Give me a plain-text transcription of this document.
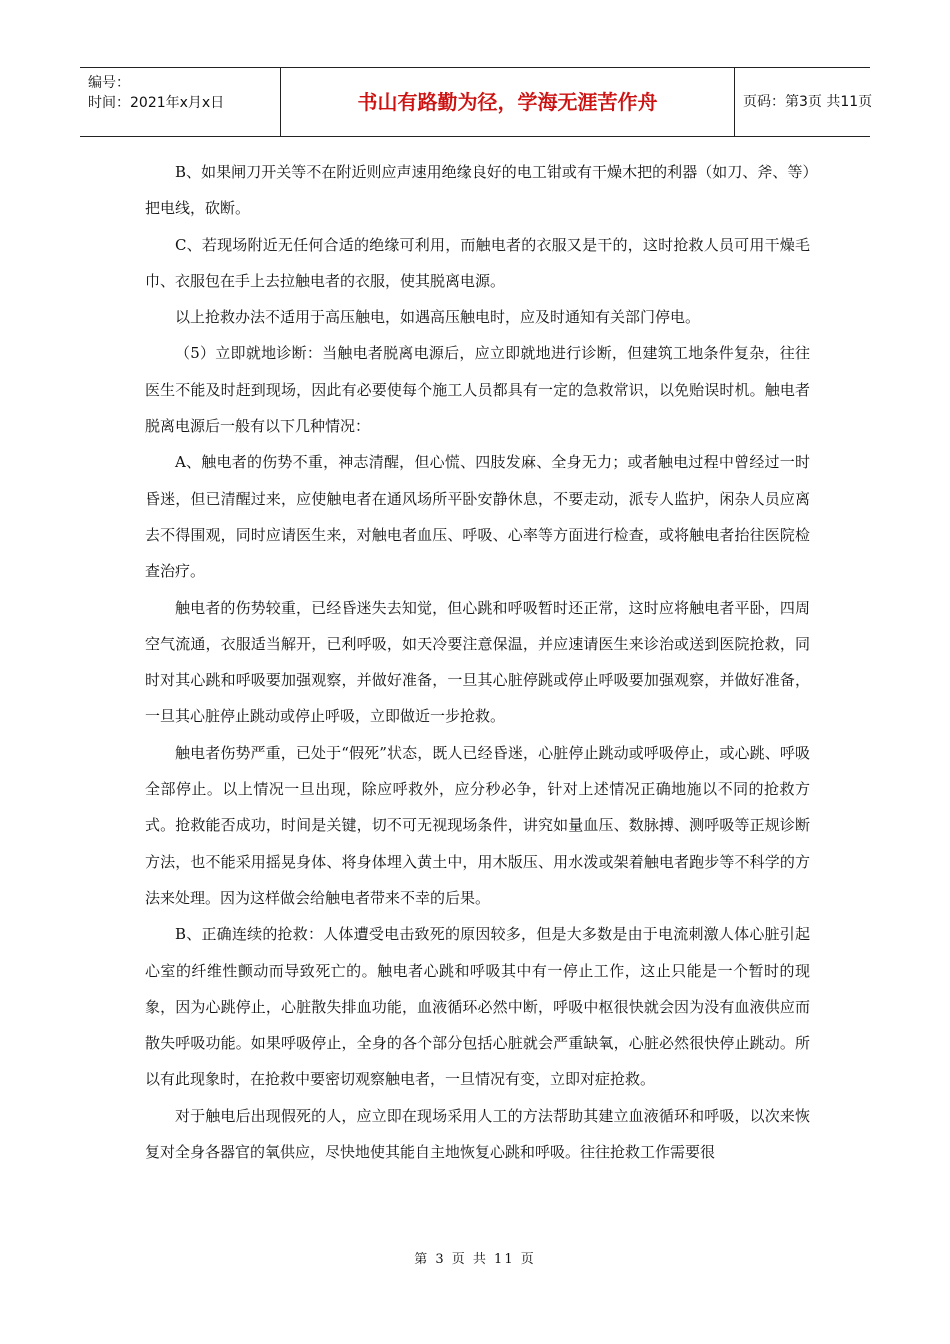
编号：
时间：2021年x月x日	书山有路勤为径，学海无涯苦作舟	页码：第3页 共11页

B、如果闸刀开关等不在附近则应声速用绝缘良好的电工钳或有干燥木把的利器（如刀、斧、等）把电线，砍断。

C、若现场附近无任何合适的绝缘可利用，而触电者的衣服又是干的，这时抢救人员可用干燥毛巾、衣服包在手上去拉触电者的衣服，使其脱离电源。

以上抢救办法不适用于高压触电，如遇高压触电时，应及时通知有关部门停电。

（5）立即就地诊断：当触电者脱离电源后，应立即就地进行诊断，但建筑工地条件复杂，往往医生不能及时赶到现场，因此有必要使每个施工人员都具有一定的急救常识，以免贻误时机。触电者脱离电源后一般有以下几种情况：

A、触电者的伤势不重，神志清醒，但心慌、四肢发麻、全身无力；或者触电过程中曾经过一时昏迷，但已清醒过来，应使触电者在通风场所平卧安静休息，不要走动，派专人监护，闲杂人员应离去不得围观，同时应请医生来，对触电者血压、呼吸、心率等方面进行检查，或将触电者抬往医院检查治疗。

触电者的伤势较重，已经昏迷失去知觉，但心跳和呼吸暂时还正常，这时应将触电者平卧，四周空气流通，衣服适当解开，已利呼吸，如天冷要注意保温，并应速请医生来诊治或送到医院抢救，同时对其心跳和呼吸要加强观察，并做好准备，一旦其心脏停跳或停止呼吸要加强观察，并做好准备，一旦其心脏停止跳动或停止呼吸，立即做近一步抢救。

触电者伤势严重，已处于“假死”状态，既人已经昏迷，心脏停止跳动或呼吸停止，或心跳、呼吸全部停止。以上情况一旦出现，除应呼救外，应分秒必争，针对上述情况正确地施以不同的抢救方式。抢救能否成功，时间是关键，切不可无视现场条件，讲究如量血压、数脉搏、测呼吸等正规诊断方法，也不能采用摇晃身体、将身体埋入黄土中，用木版压、用水泼或架着触电者跑步等不科学的方法来处理。因为这样做会给触电者带来不幸的后果。

B、正确连续的抢救：人体遭受电击致死的原因较多，但是大多数是由于电流刺激人体心脏引起心室的纤维性颤动而导致死亡的。触电者心跳和呼吸其中有一停止工作，这止只能是一个暂时的现象，因为心跳停止，心脏散失排血功能，血液循环必然中断，呼吸中枢很快就会因为没有血液供应而散失呼吸功能。如果呼吸停止，全身的各个部分包括心脏就会严重缺氧，心脏必然很快停止跳动。所以有此现象时，在抢救中要密切观察触电者，一旦情况有变，立即对症抢救。

对于触电后出现假死的人，应立即在现场采用人工的方法帮助其建立血液循环和呼吸，以次来恢复对全身各器官的氧供应，尽快地使其能自主地恢复心跳和呼吸。往往抢救工作需要很

第 3 页 共 11 页
